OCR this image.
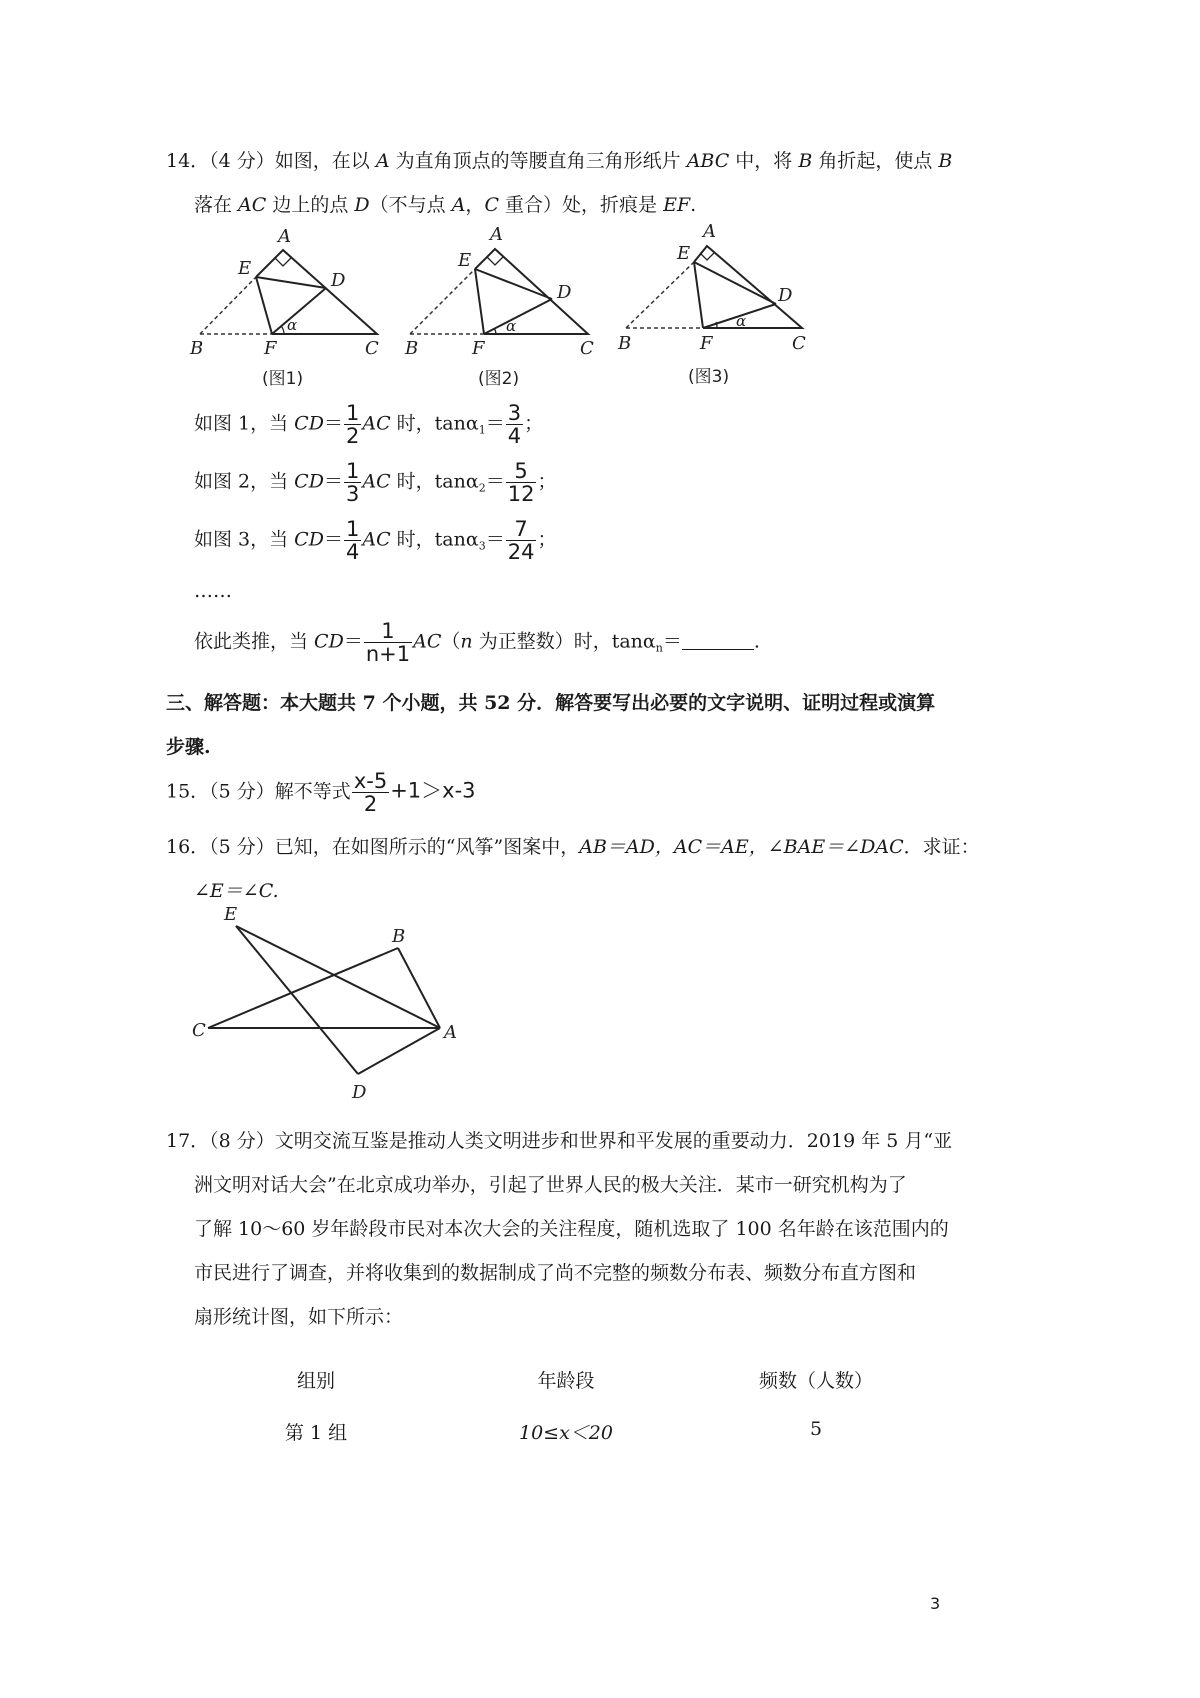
14．（4 分）如图，在以 A 为直角顶点的等腰直角三角形纸片 ABC 中，将 B 角折起，使点 B
落在 AC 边上的点 D（不与点 A，C 重合）处，折痕是 EF.
A
E
D
B	F	C
α
(图1)
A
E
D
B	F	C
α
(图2)
A
E
D
B	F	C
α
(图3)
如图 1，当 $CD= \frac{1}{2}$ AC 时，$\tan\alpha_1= \frac{3}{4}$ ；
如图 2，当 $CD= \frac{1}{3}$ AC 时，$\tan\alpha_2= \frac{5}{12}$ ；
如图 3，当 $CD= \frac{1}{4}$ AC 时，$\tan\alpha_3= \frac{7}{24}$ ；
……
依此类推，当 $CD= \frac{1}{n+1} AC(n$ 为正整数）时，tanα$_n$＝	.
三、解答题：本大题共 7 个小题，共 52 分．解答要写出必要的文字说明、证明过程或演算
步骤.
15．（5 分）解不等式 $\frac{x-5}{2} +1>x-3$
16．（5 分）已知，在如图所示的“风筝”图案中，AB＝AD，AC＝AE，∠BAE＝∠DAC．求证：
∠E＝∠C.
E
B
C	A
D
17．（8 分）文明交流互鉴是推动人类文明进步和世界和平发展的重要动力．2019 年 5 月“亚
洲文明对话大会”在北京成功举办，引起了世界人民的极大关注．某市一研究机构为了
了解 10～60 岁年龄段市民对本次大会的关注程度，随机选取了 100 名年龄在该范围内的
市民进行了调查，并将收集到的数据制成了尚不完整的频数分布表、频数分布直方图和
扇形统计图，如下所示：
组别	年龄段	频数（人数）
第 1 组	10≤x＜20	5
3
